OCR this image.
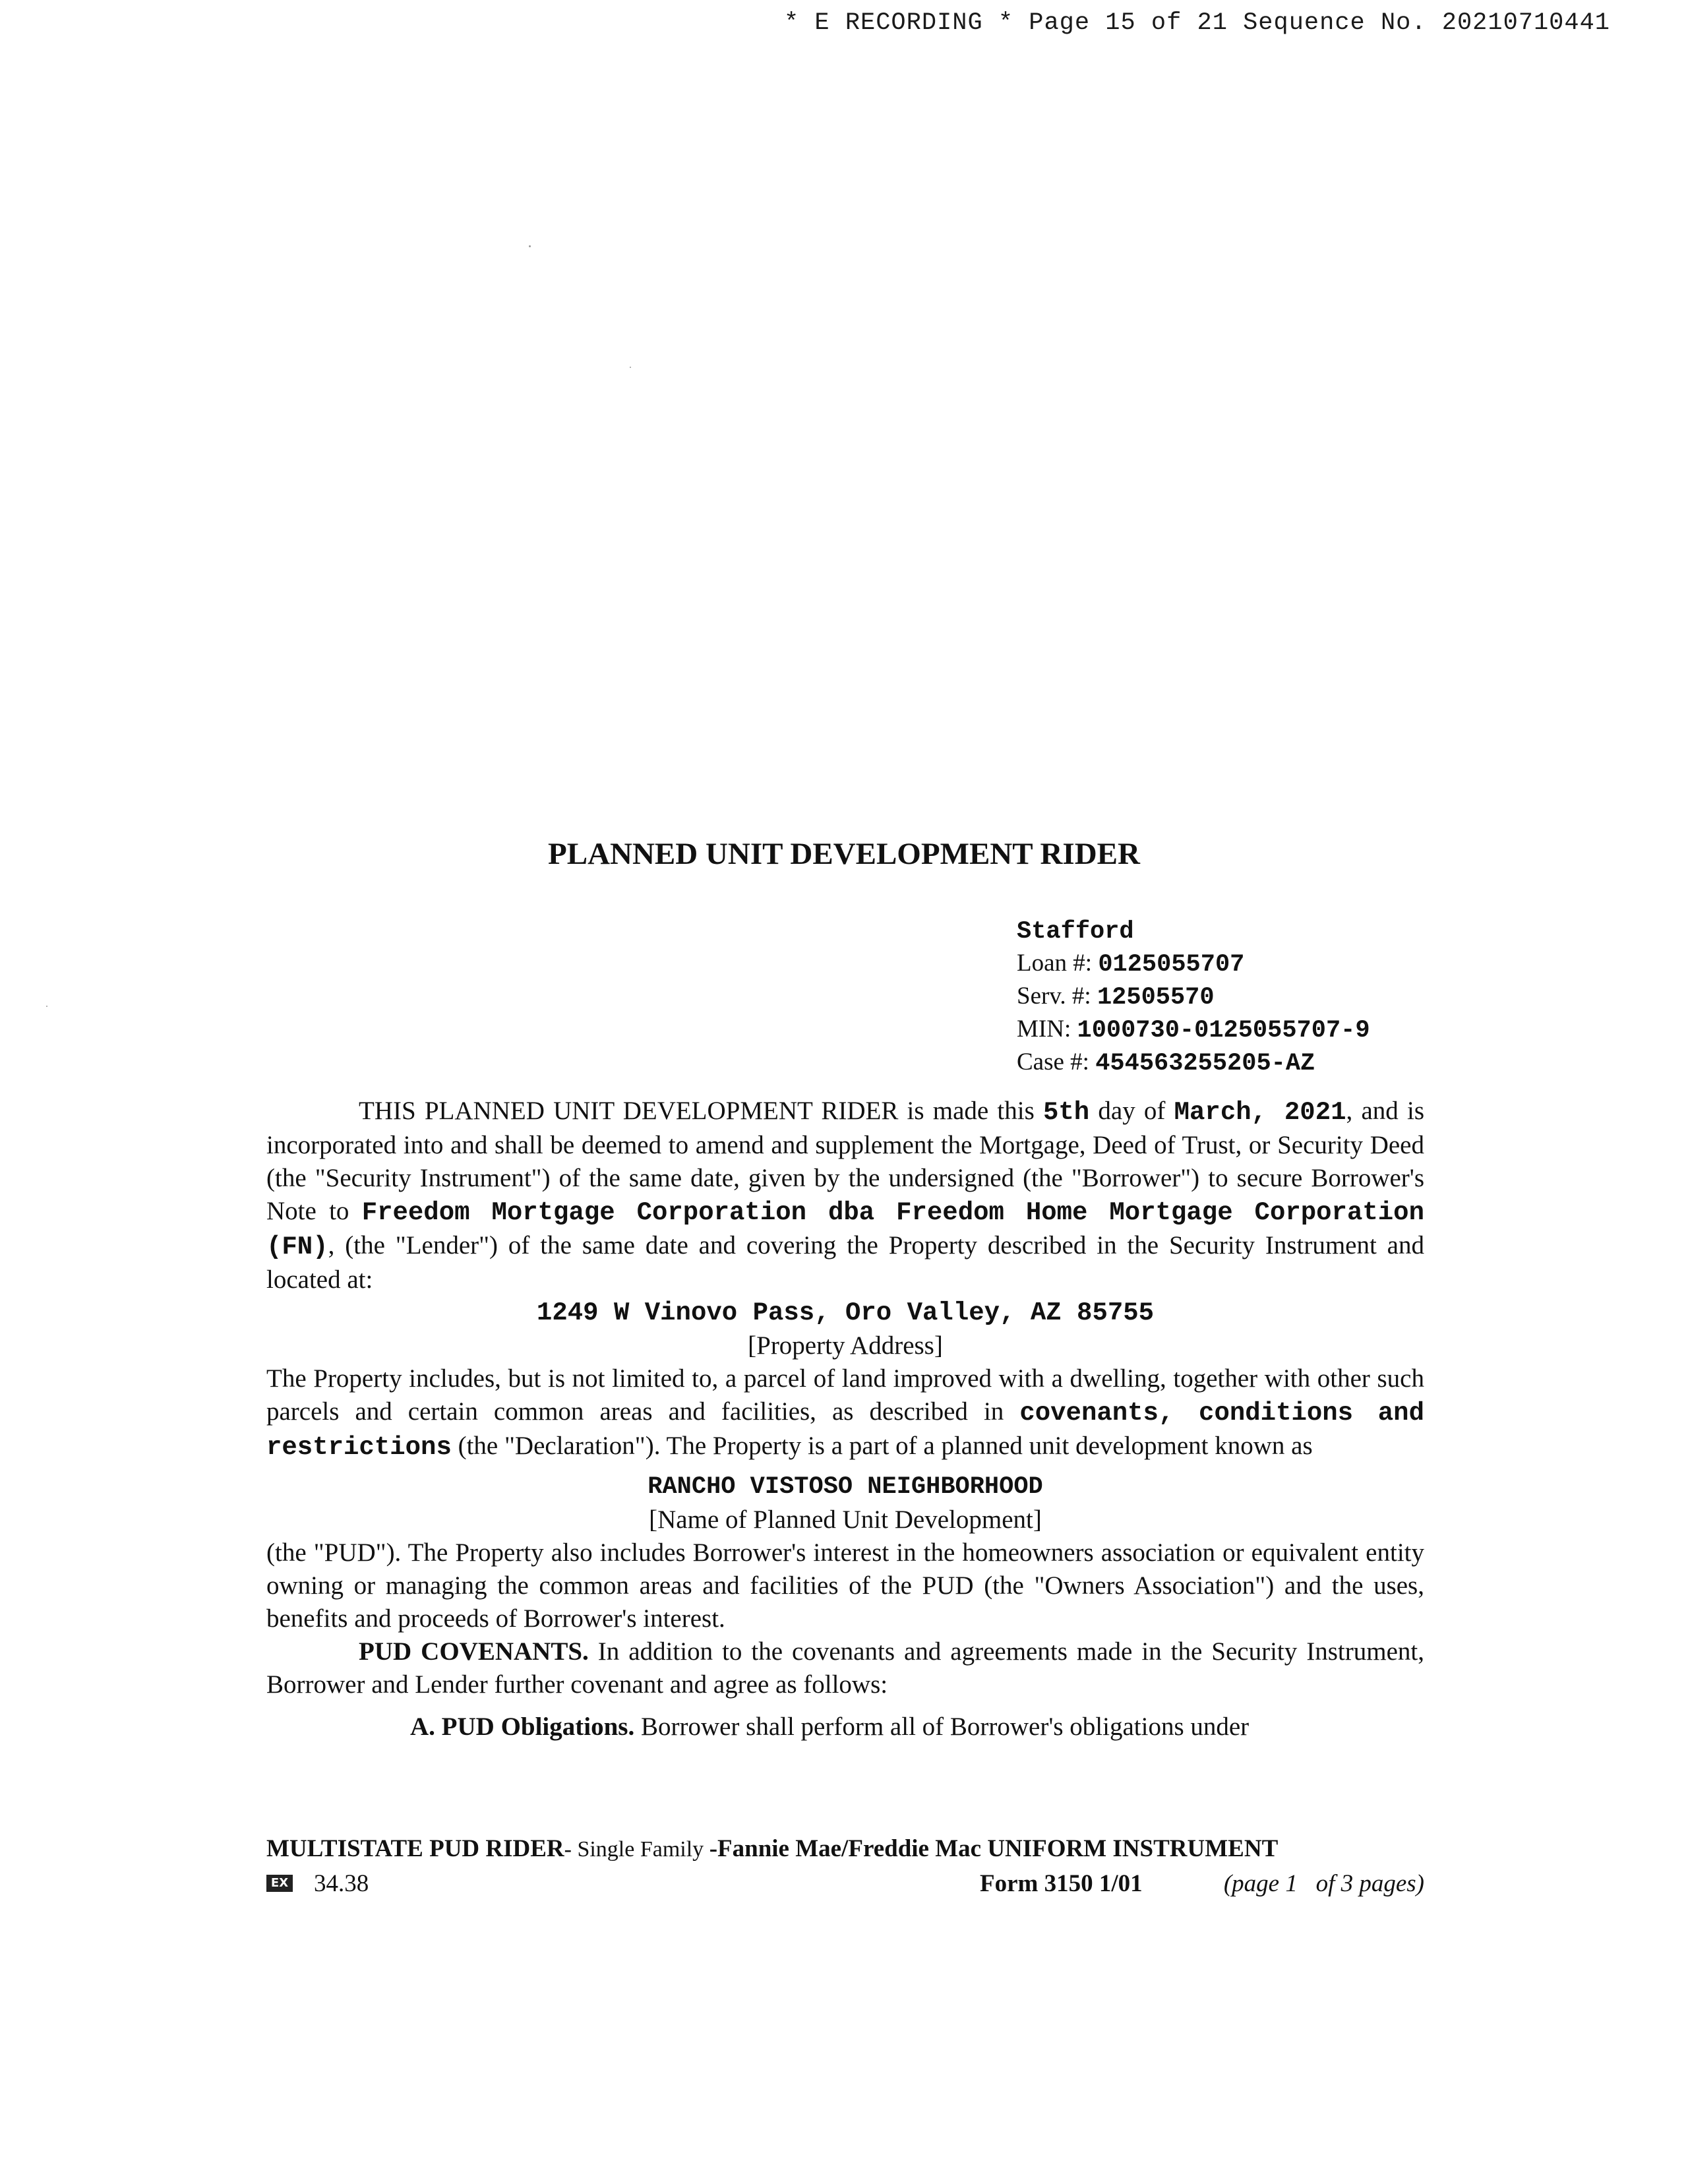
* E RECORDING * Page 15 of 21 Sequence No. 20210710441
PLANNED UNIT DEVELOPMENT RIDER
Stafford
Loan #: 0125055707
Serv. #: 12505570
MIN: 1000730-0125055707-9
Case #: 454563255205-AZ

THIS PLANNED UNIT DEVELOPMENT RIDER is made this 5th day of March, 2021, and is incorporated into and shall be deemed to amend and supplement the Mortgage, Deed of Trust, or Security Deed (the "Security Instrument") of the same date, given by the undersigned (the "Borrower") to secure Borrower's Note to Freedom Mortgage Corporation dba Freedom Home Mortgage Corporation (FN), (the "Lender") of the same date and covering the Property described in the Security Instrument and located at:

1249 W Vinovo Pass, Oro Valley, AZ 85755

[Property Address]

The Property includes, but is not limited to, a parcel of land improved with a dwelling, together with other such parcels and certain common areas and facilities, as described in covenants, conditions and restrictions (the "Declaration"). The Property is a part of a planned unit development known as

RANCHO VISTOSO NEIGHBORHOOD

[Name of Planned Unit Development]

(the "PUD"). The Property also includes Borrower's interest in the homeowners association or equivalent entity owning or managing the common areas and facilities of the PUD (the "Owners Association") and the uses, benefits and proceeds of Borrower's interest.

PUD COVENANTS. In addition to the covenants and agreements made in the Security Instrument, Borrower and Lender further covenant and agree as follows:

A. PUD Obligations. Borrower shall perform all of Borrower's obligations under

MULTISTATE PUD RIDER- Single Family -Fannie Mae/Freddie Mac UNIFORM INSTRUMENT
EX 34.38	Form 3150 1/01	(page 1   of 3 pages)
